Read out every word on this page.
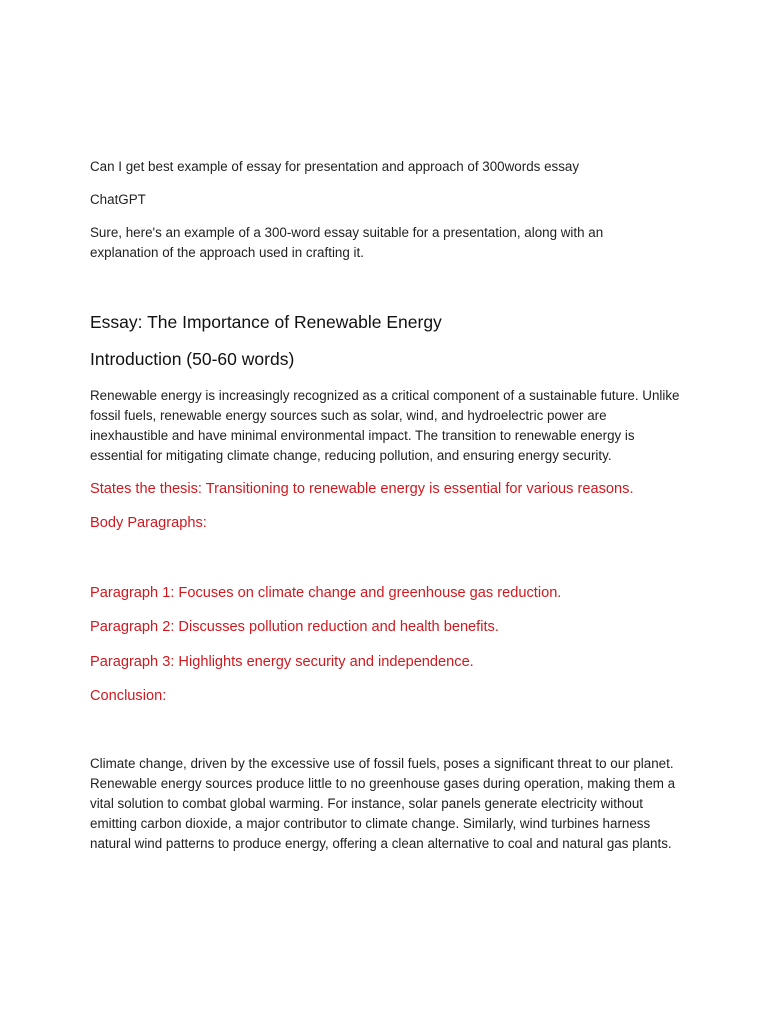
Can I get best example of essay for presentation and approach of 300words essay

ChatGPT

Sure, here's an example of a 300-word essay suitable for a presentation, along with an explanation of the approach used in crafting it.

Essay: The Importance of Renewable Energy
Introduction (50-60 words)

Renewable energy is increasingly recognized as a critical component of a sustainable future. Unlike fossil fuels, renewable energy sources such as solar, wind, and hydroelectric power are inexhaustible and have minimal environmental impact. The transition to renewable energy is essential for mitigating climate change, reducing pollution, and ensuring energy security.

States the thesis: Transitioning to renewable energy is essential for various reasons.

Body Paragraphs:

Paragraph 1: Focuses on climate change and greenhouse gas reduction.

Paragraph 2: Discusses pollution reduction and health benefits.

Paragraph 3: Highlights energy security and independence.

Conclusion:

Climate change, driven by the excessive use of fossil fuels, poses a significant threat to our planet. Renewable energy sources produce little to no greenhouse gases during operation, making them a vital solution to combat global warming. For instance, solar panels generate electricity without emitting carbon dioxide, a major contributor to climate change. Similarly, wind turbines harness natural wind patterns to produce energy, offering a clean alternative to coal and natural gas plants.
